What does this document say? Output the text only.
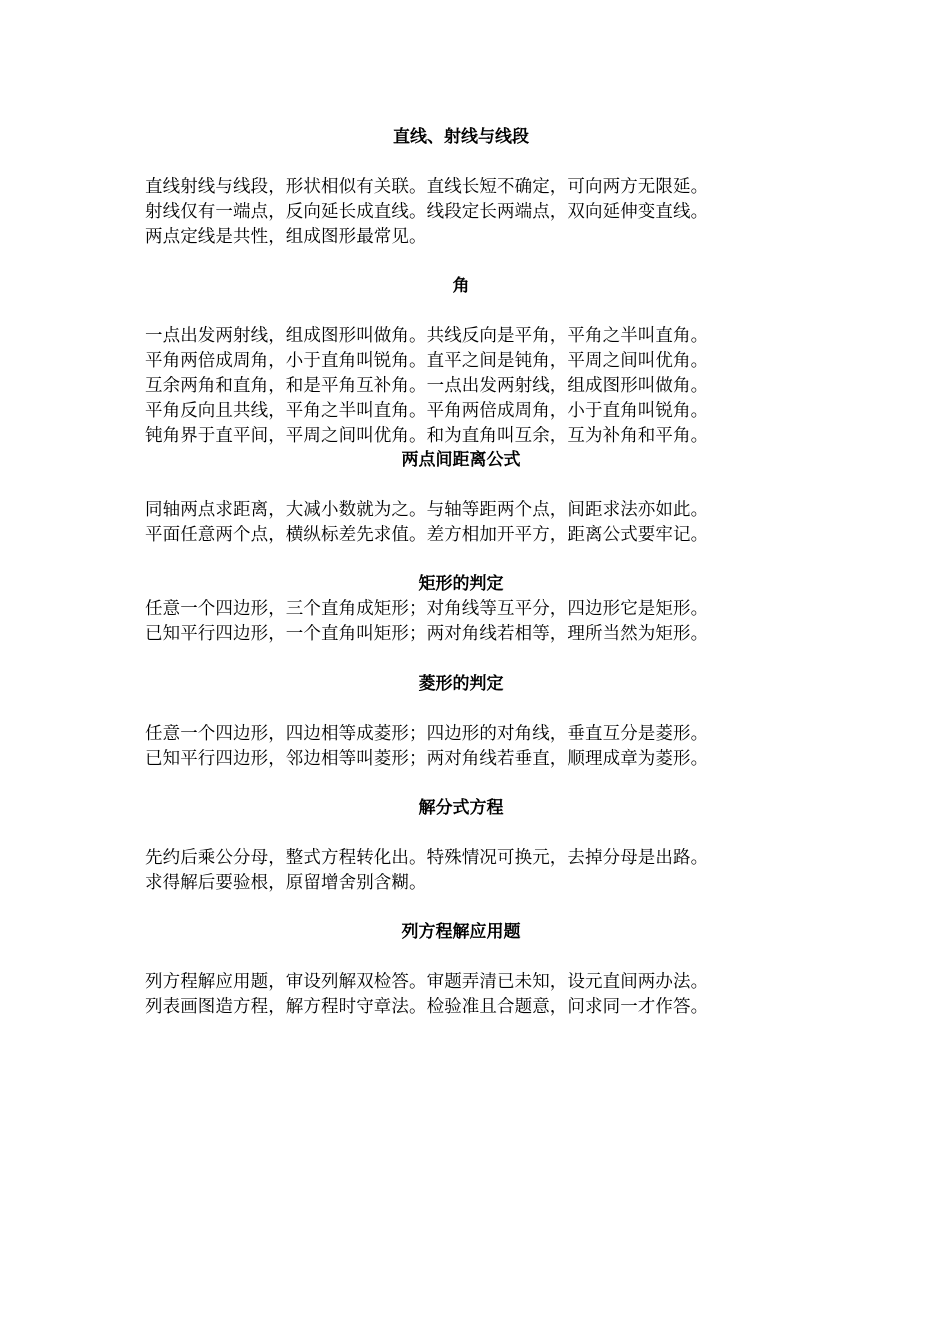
直线、射线与线段
直线射线与线段，形状相似有关联。直线长短不确定，可向两方无限延。
射线仅有一端点，反向延长成直线。线段定长两端点，双向延伸变直线。
两点定线是共性，组成图形最常见。
角
一点出发两射线，组成图形叫做角。共线反向是平角，平角之半叫直角。
平角两倍成周角，小于直角叫锐角。直平之间是钝角，平周之间叫优角。
互余两角和直角，和是平角互补角。一点出发两射线，组成图形叫做角。
平角反向且共线，平角之半叫直角。平角两倍成周角，小于直角叫锐角。
钝角界于直平间，平周之间叫优角。和为直角叫互余，互为补角和平角。
两点间距离公式
同轴两点求距离，大减小数就为之。与轴等距两个点，间距求法亦如此。
平面任意两个点，横纵标差先求值。差方相加开平方，距离公式要牢记。
矩形的判定
任意一个四边形，三个直角成矩形；对角线等互平分，四边形它是矩形。
已知平行四边形，一个直角叫矩形；两对角线若相等，理所当然为矩形。
菱形的判定
任意一个四边形，四边相等成菱形；四边形的对角线，垂直互分是菱形。
已知平行四边形，邻边相等叫菱形；两对角线若垂直，顺理成章为菱形。
解分式方程
先约后乘公分母，整式方程转化出。特殊情况可换元，去掉分母是出路。
求得解后要验根，原留增舍别含糊。
列方程解应用题
列方程解应用题，审设列解双检答。审题弄清已未知，设元直间两办法。
列表画图造方程，解方程时守章法。检验准且合题意，问求同一才作答。
